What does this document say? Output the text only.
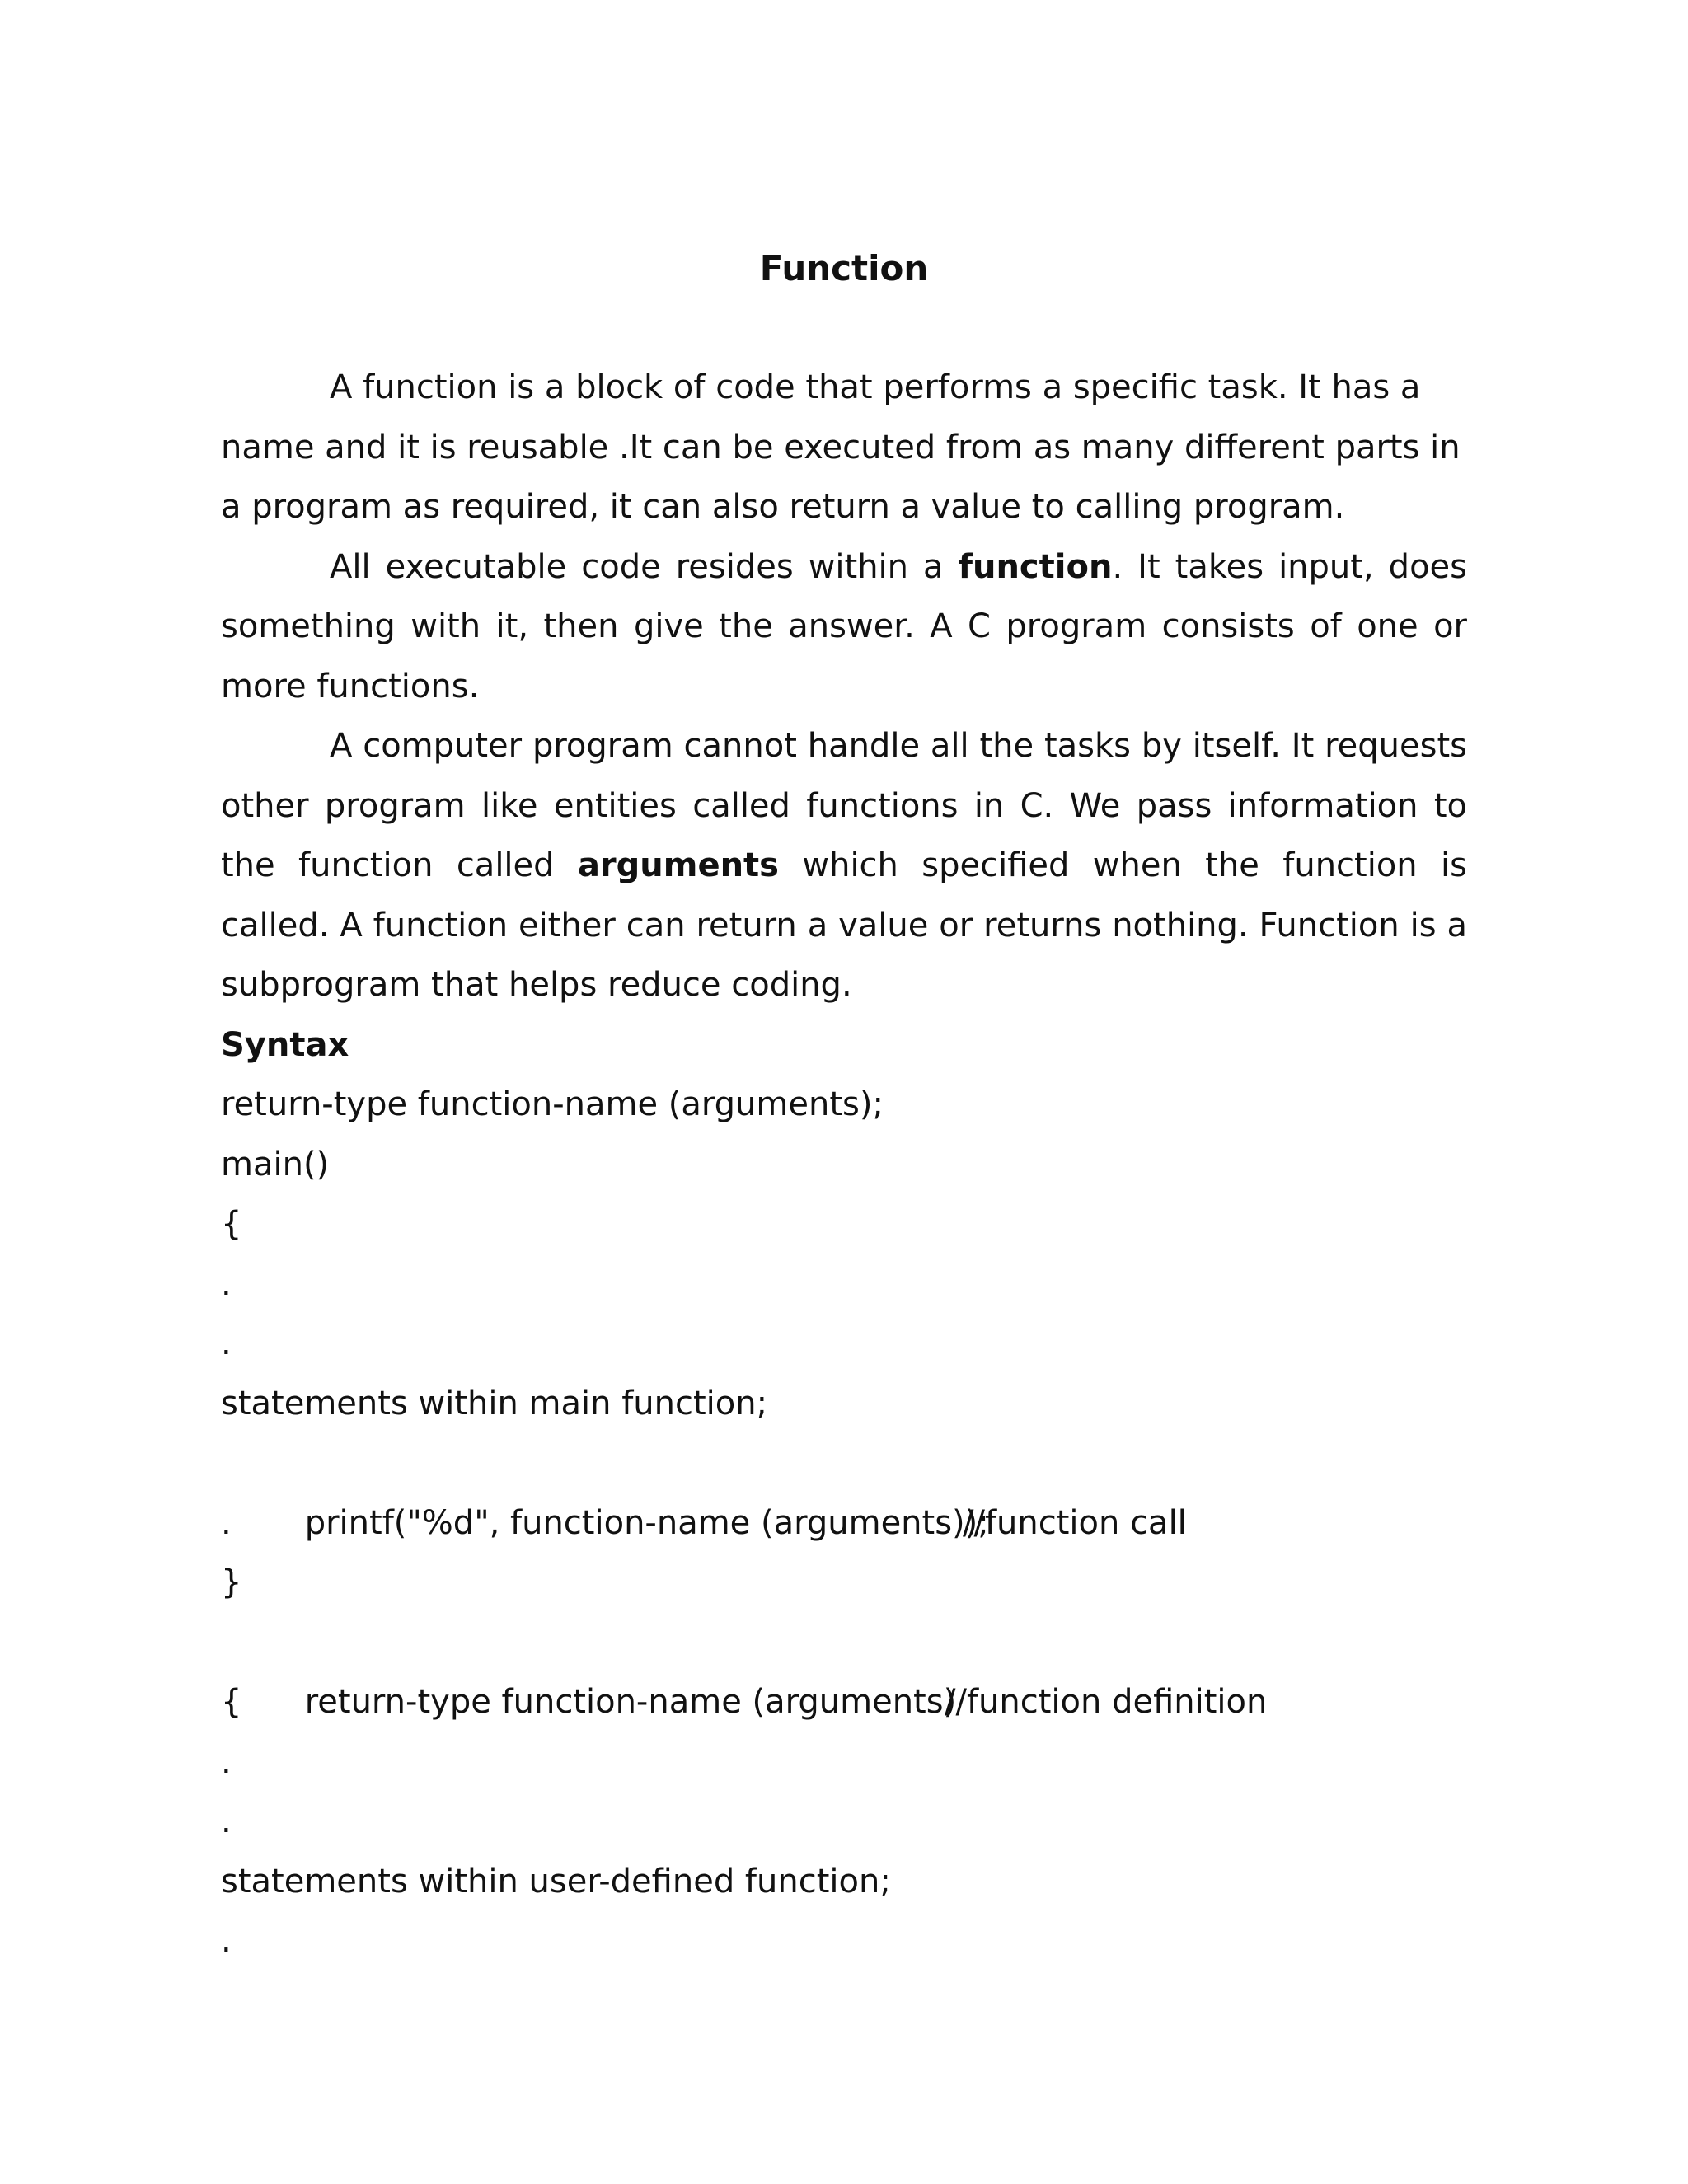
Function

A function is a block of code that performs a specific task. It has a name and it is reusable .It can be executed from as many different parts in a program as required, it can also return a value to calling program.

All executable code resides within a function. It takes input, does something with it, then give the answer. A C program consists of one or more functions.

A computer program cannot handle all the tasks by itself. It requests other program like entities called functions in C. We pass information to the function called arguments which specified when the function is called. A function either can return a value or returns nothing. Function is a subprogram that helps reduce coding.

Syntax

return-type function-name (arguments);
main()
{
.
.
statements within main function;

printf("%d", function-name (arguments));
//function call

.
}

return-type function-name (arguments)
//function definition

{
.
.
statements within user-defined function;
.
